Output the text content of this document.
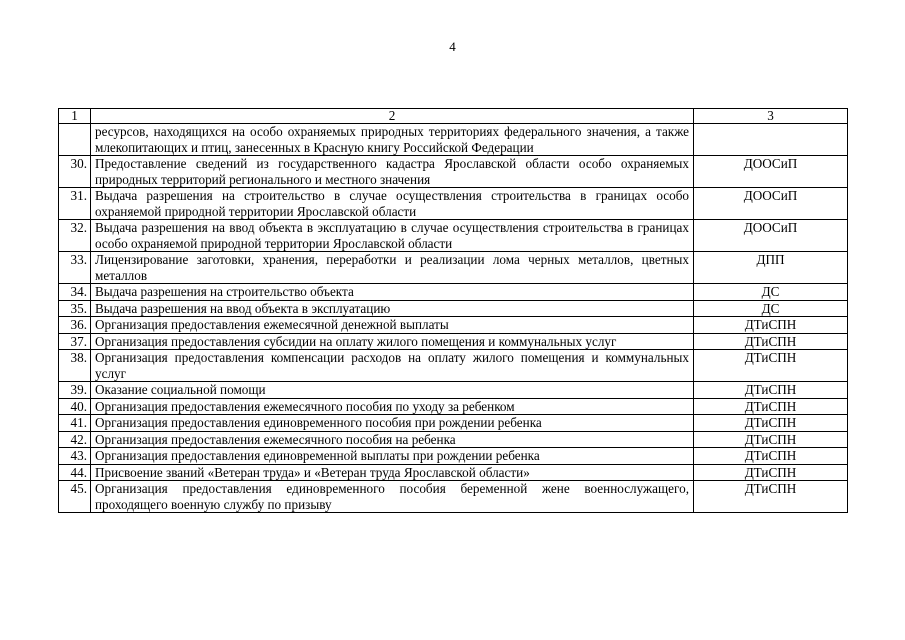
4
1	2	3
	ресурсов, находящихся на особо охраняемых природных территориях федерального значения, а также млекопитающих и птиц, занесенных в Красную книгу Российской Федерации	
30.	Предоставление сведений из государственного кадастра Ярославской области особо охраняемых природных территорий регионального и местного значения	ДООСиП
31.	Выдача разрешения на строительство в случае осуществления строительства в границах особо охраняемой природной территории Ярославской области	ДООСиП
32.	Выдача разрешения на ввод объекта в эксплуатацию в случае осуществления строительства в границах особо охраняемой природной территории Ярославской области	ДООСиП
33.	Лицензирование заготовки, хранения, переработки и реализации лома черных металлов, цветных металлов	ДПП
34.	Выдача разрешения на строительство объекта	ДС
35.	Выдача разрешения на ввод объекта в эксплуатацию	ДС
36.	Организация предоставления ежемесячной денежной выплаты	ДТиСПН
37.	Организация предоставления субсидии на оплату жилого помещения и коммунальных услуг	ДТиСПН
38.	Организация предоставления компенсации расходов на оплату жилого помещения и коммунальных услуг	ДТиСПН
39.	Оказание социальной помощи	ДТиСПН
40.	Организация предоставления ежемесячного пособия по уходу за ребенком	ДТиСПН
41.	Организация предоставления единовременного пособия при рождении ребенка	ДТиСПН
42.	Организация предоставления ежемесячного пособия на ребенка	ДТиСПН
43.	Организация предоставления единовременной выплаты при рождении ребенка	ДТиСПН
44.	Присвоение званий «Ветеран труда» и «Ветеран труда Ярославской области»	ДТиСПН
45.	Организация предоставления единовременного пособия беременной жене военнослужащего, проходящего военную службу по призыву	ДТиСПН
